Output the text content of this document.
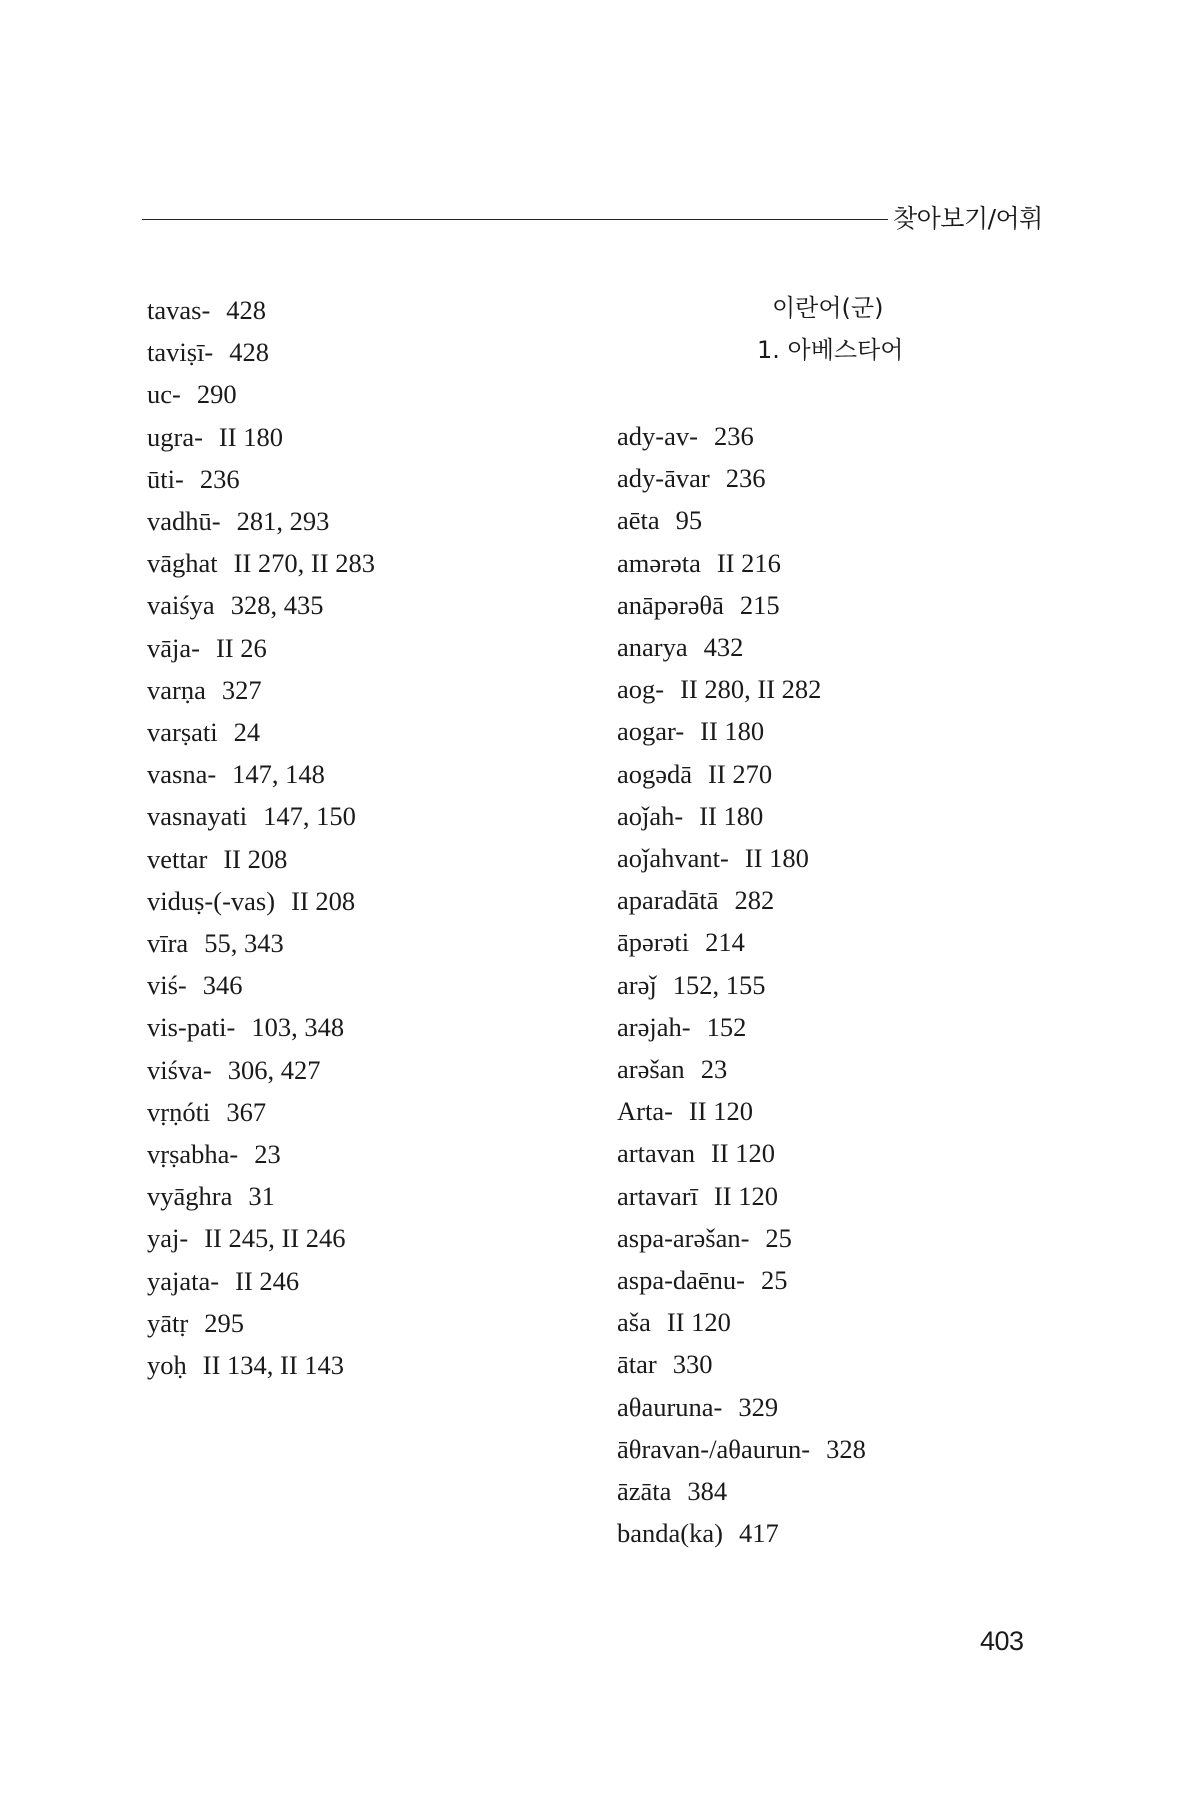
찾아보기/어휘
tavas- 428
taviṣī- 428
uc- 290
ugra- II 180
ūti- 236
vadhū- 281, 293
vāghat II 270, II 283
vaiśya 328, 435
vāja- II 26
varṇa 327
varṣati 24
vasna- 147, 148
vasnayati 147, 150
vettar II 208
viduṣ-(-vas) II 208
vīra 55, 343
viś- 346
vis-pati- 103, 348
viśva- 306, 427
vṛṇóti 367
vṛṣabha- 23
vyāghra 31
yaj- II 245, II 246
yajata- II 246
yātṛ 295
yoḥ II 134, II 143
이란어(군)
1. 아베스타어
ady-av- 236
ady-āvar 236
aēta 95
amərəta II 216
anāpərəθā 215
anarya 432
aog- II 280, II 282
aogar- II 180
aogədā II 270
aoǰah- II 180
aoǰahvant- II 180
aparadātā 282
āpərəti 214
arəǰ 152, 155
arəjah- 152
arəšan 23
Arta- II 120
artavan II 120
artavarī II 120
aspa-arəšan- 25
aspa-daēnu- 25
aša II 120
ātar 330
aθauruna- 329
āθravan-/aθaurun- 328
āzāta 384
banda(ka) 417
403
